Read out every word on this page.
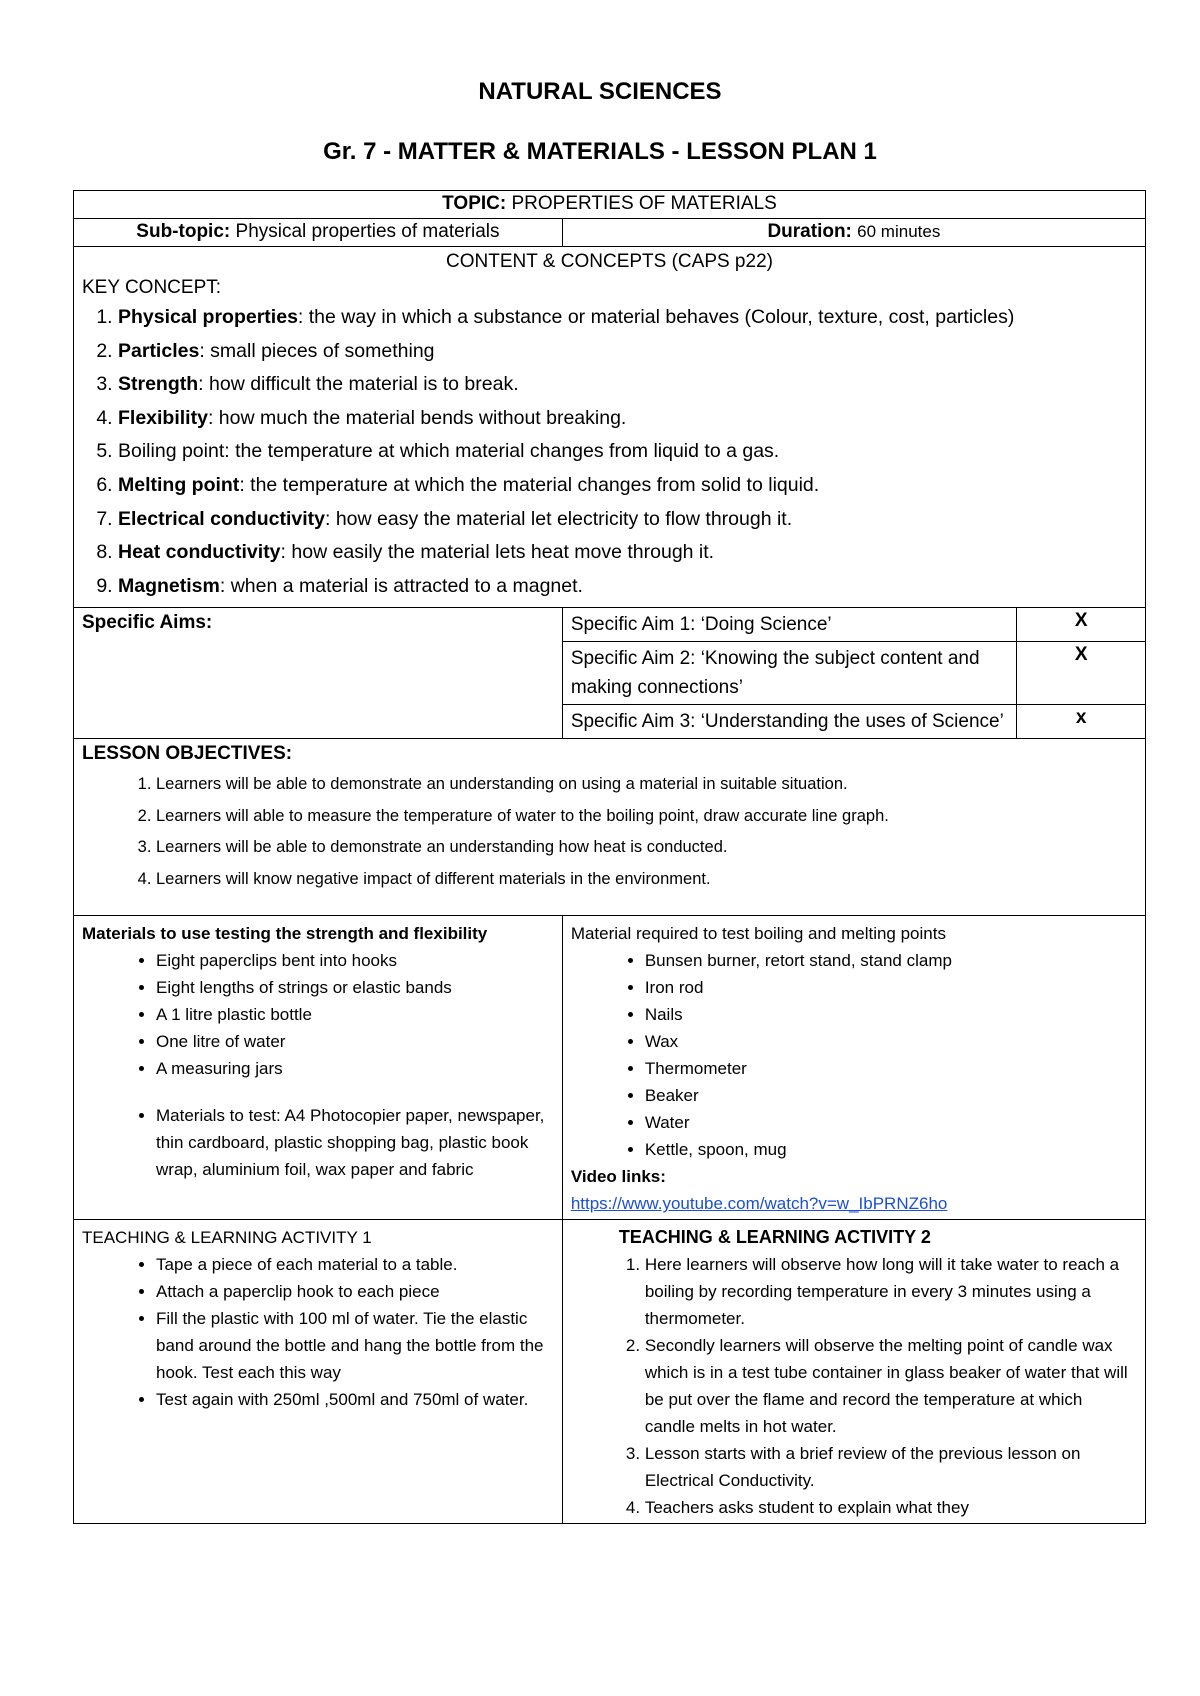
NATURAL SCIENCES
Gr. 7 - MATTER & MATERIALS - LESSON PLAN 1
TOPIC: PROPERTIES OF MATERIALS
Sub-topic: Physical properties of materials	Duration: 60 minutes

CONTENT & CONCEPTS (CAPS p22)
KEY CONCEPT:
1. Physical properties: the way in which a substance or material behaves (Colour, texture, cost, particles)
2. Particles: small pieces of something
3. Strength: how difficult the material is to break.
4. Flexibility: how much the material bends without breaking.
5. Boiling point: the temperature at which material changes from liquid to a gas.
6. Melting point: the temperature at which the material changes from solid to liquid.
7. Electrical conductivity: how easy the material let electricity to flow through it.
8. Heat conductivity: how easily the material lets heat move through it.
9. Magnetism: when a material is attracted to a magnet.

Specific Aims:		Specific Aim 1: ‘Doing Science’	X
Specific Aim 2: ‘Knowing the subject content and making connections’	X
Specific Aim 3: ‘Understanding the uses of Science’	x

LESSON OBJECTIVES:
1. Learners will be able to demonstrate an understanding on using a material in suitable situation.
2. Learners will able to measure the temperature of water to the boiling point, draw accurate line graph.
3. Learners will be able to demonstrate an understanding how heat is conducted.
4. Learners will know negative impact of different materials in the environment.

Materials to use testing the strength and flexibility
• Eight paperclips bent into hooks
• Eight lengths of strings or elastic bands
• A 1 litre plastic bottle
• One litre of water
• A measuring jars
• Materials to test: A4 Photocopier paper, newspaper, thin cardboard, plastic shopping bag, plastic book wrap, aluminium foil, wax paper and fabric

Material required to test boiling and melting points
• Bunsen burner, retort stand, stand clamp
• Iron rod
• Nails
• Wax
• Thermometer
• Beaker
• Water
• Kettle, spoon, mug
Video links:
https://www.youtube.com/watch?v=w_IbPRNZ6ho

TEACHING & LEARNING ACTIVITY 1
• Tape a piece of each material to a table.
• Attach a paperclip hook to each piece
• Fill the plastic with 100 ml of water. Tie the elastic band around the bottle and hang the bottle from the hook. Test each this way
• Test again with 250ml ,500ml and 750ml of water.

TEACHING & LEARNING ACTIVITY 2
1. Here learners will observe how long will it take water to reach a boiling by recording temperature in every 3 minutes using a thermometer.
2. Secondly learners will observe the melting point of candle wax which is in a test tube container in glass beaker of water that will be put over the flame and record the temperature at which candle melts in hot water.
3. Lesson starts with a brief review of the previous lesson on Electrical Conductivity.
4. Teachers asks student to explain what they
